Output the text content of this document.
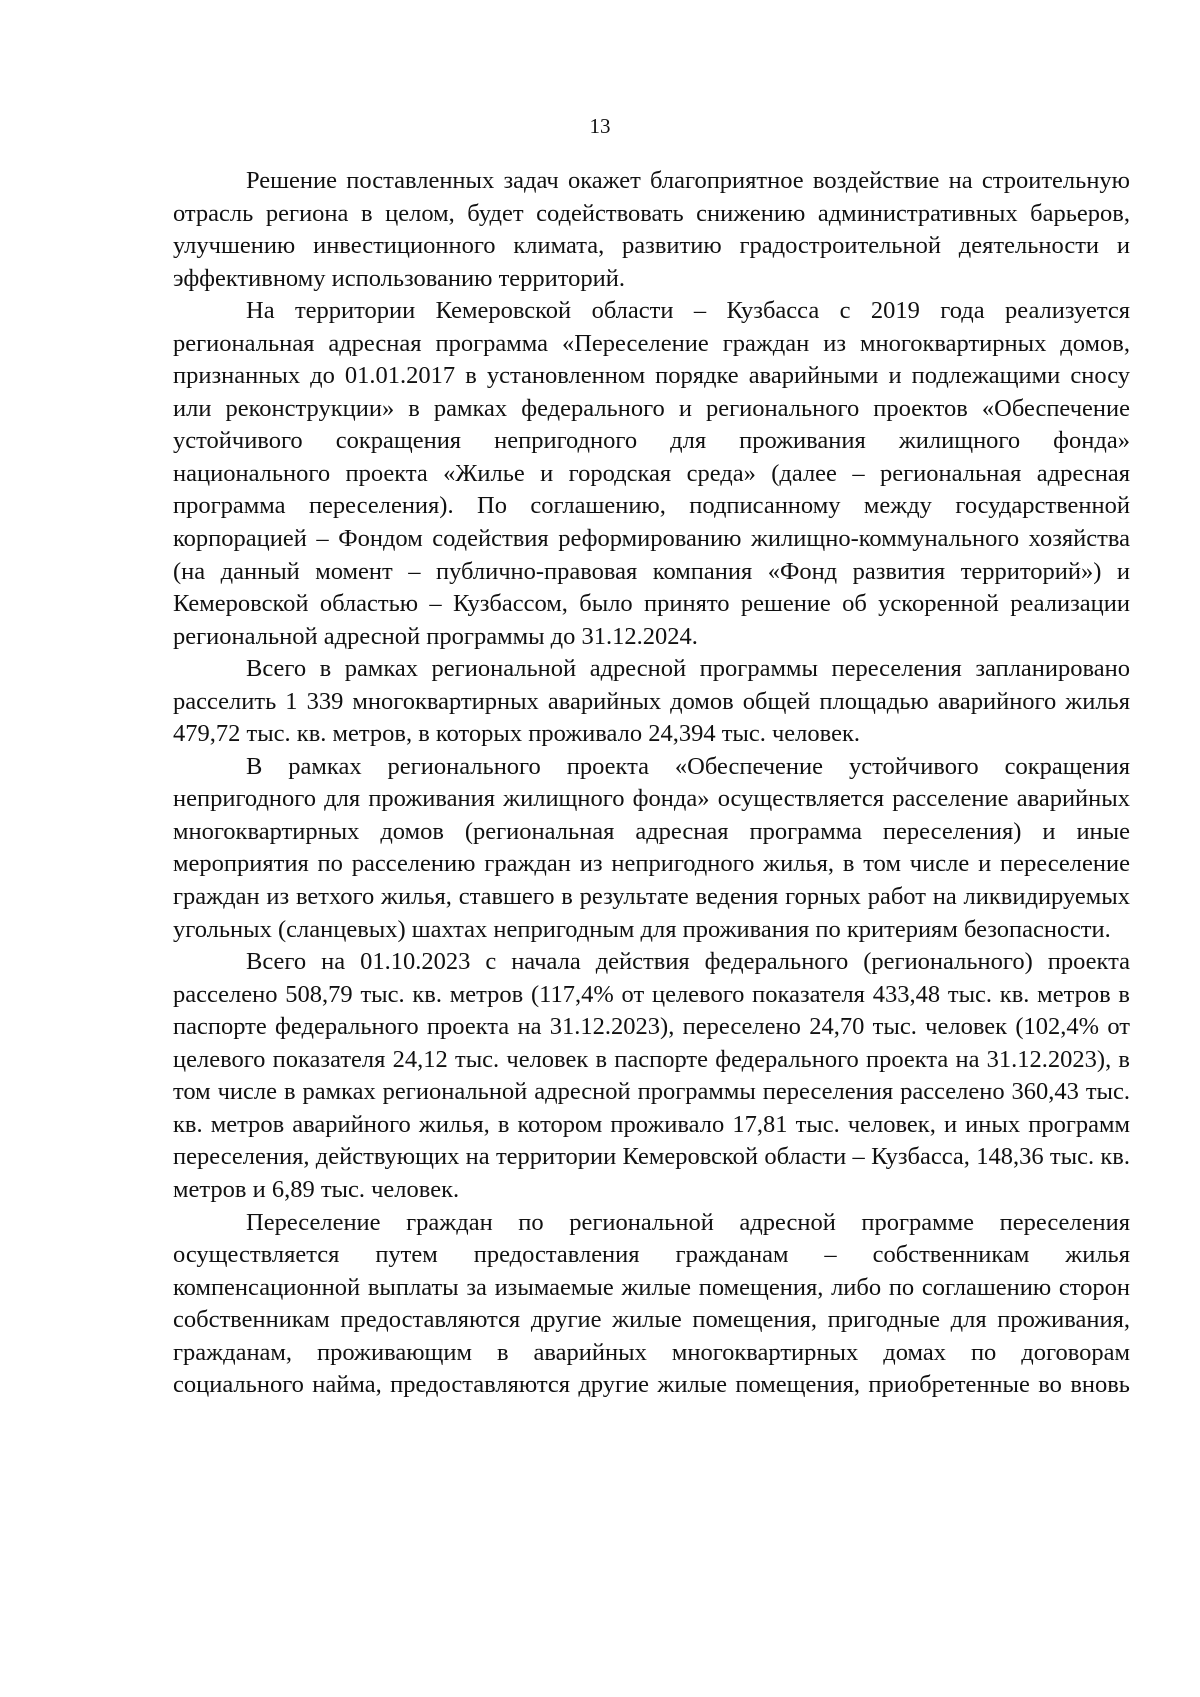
13

Решение поставленных задач окажет благоприятное воздействие на строительную отрасль региона в целом, будет содействовать снижению административных барьеров, улучшению инвестиционного климата, развитию градостроительной деятельности и эффективному использованию территорий.

На территории Кемеровской области – Кузбасса с 2019 года реализуется региональная адресная программа «Переселение граждан из многоквартирных домов, признанных до 01.01.2017 в установленном порядке аварийными и подлежащими сносу или реконструкции» в рамках федерального и регионального проектов «Обеспечение устойчивого сокращения непригодного для проживания жилищного фонда» национального проекта «Жилье и городская среда» (далее – региональная адресная программа переселения). По соглашению, подписанному между государственной корпорацией – Фондом содействия реформированию жилищно-коммунального хозяйства (на данный момент – публично-правовая компания «Фонд развития территорий») и Кемеровской областью – Кузбассом, было принято решение об ускоренной реализации региональной адресной программы до 31.12.2024.

Всего в рамках региональной адресной программы переселения запланировано расселить 1 339 многоквартирных аварийных домов общей площадью аварийного жилья 479,72 тыс. кв. метров, в которых проживало 24,394 тыс. человек.

В рамках регионального проекта «Обеспечение устойчивого сокращения непригодного для проживания жилищного фонда» осуществляется расселение аварийных многоквартирных домов (региональная адресная программа переселения) и иные мероприятия по расселению граждан из непригодного жилья, в том числе и переселение граждан из ветхого жилья, ставшего в результате ведения горных работ на ликвидируемых угольных (сланцевых) шахтах непригодным для проживания по критериям безопасности.

Всего на 01.10.2023 с начала действия федерального (регионального) проекта расселено 508,79 тыс. кв. метров (117,4% от целевого показателя 433,48 тыс. кв. метров в паспорте федерального проекта на 31.12.2023), переселено 24,70 тыс. человек (102,4% от целевого показателя 24,12 тыс. человек в паспорте федерального проекта на 31.12.2023), в том числе в рамках региональной адресной программы переселения расселено 360,43 тыс. кв. метров аварийного жилья, в котором проживало 17,81 тыс. человек, и иных программ переселения, действующих на территории Кемеровской области – Кузбасса, 148,36 тыс. кв. метров и 6,89 тыс. человек.

Переселение граждан по региональной адресной программе переселения осуществляется путем предоставления гражданам – собственникам жилья компенсационной выплаты за изымаемые жилые помещения, либо по соглашению сторон собственникам предоставляются другие жилые помещения, пригодные для проживания, гражданам, проживающим в аварийных многоквартирных домах по договорам социального найма, предоставляются другие жилые помещения, приобретенные во вновь
